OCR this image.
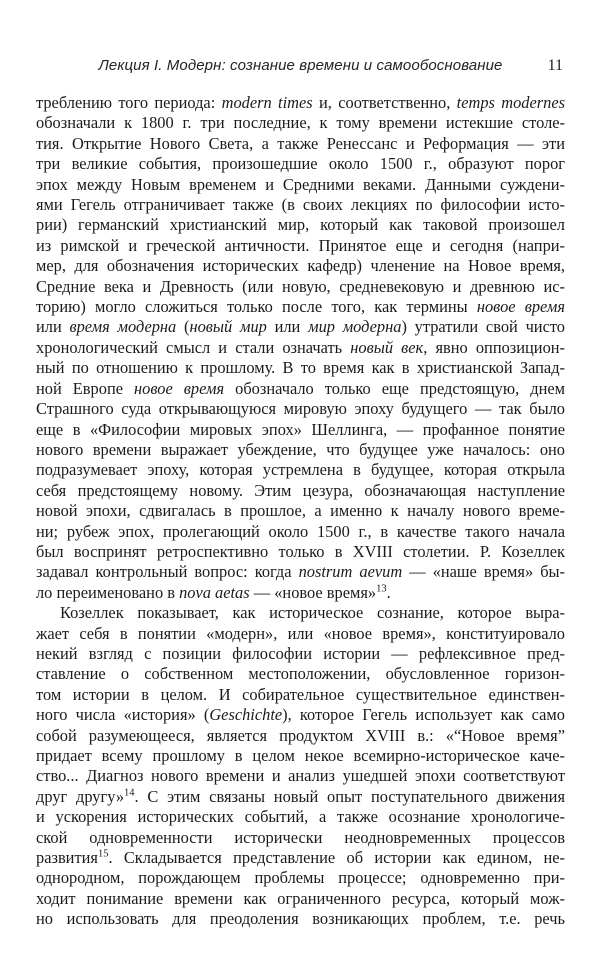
Лекция I. Модерн: сознание времени и самообоснование	11
треблению того периода: modern times и, соответственно, temps modernes
обозначали к 1800 г. три последние, к тому времени истекшие столе-
тия. Открытие Нового Света, а также Ренессанс и Реформация — эти
три великие события, произошедшие около 1500 г., образуют порог
эпох между Новым временем и Средними веками. Данными суждени-
ями Гегель отграничивает также (в своих лекциях по философии исто-
рии) германский христианский мир, который как таковой произошел
из римской и греческой античности. Принятое еще и сегодня (напри-
мер, для обозначения исторических кафедр) членение на Новое время,
Средние века и Древность (или новую, средневековую и древнюю ис-
торию) могло сложиться только после того, как термины новое время
или время модерна (новый мир или мир модерна) утратили свой чисто
хронологический смысл и стали означать новый век, явно оппозицион-
ный по отношению к прошлому. В то время как в христианской Запад-
ной Европе новое время обозначало только еще предстоящую, днем
Страшного суда открывающуюся мировую эпоху будущего — так было
еще в «Философии мировых эпох» Шеллинга, — профанное понятие
нового времени выражает убеждение, что будущее уже началось: оно
подразумевает эпоху, которая устремлена в будущее, которая открыла
себя предстоящему новому. Этим цезура, обозначающая наступление
новой эпохи, сдвигалась в прошлое, а именно к началу нового време-
ни; рубеж эпох, пролегающий около 1500 г., в качестве такого начала
был воспринят ретроспективно только в XVIII столетии. Р. Козеллек
задавал контрольный вопрос: когда nostrum aevum — «наше время» бы-
ло переименовано в nova aetas — «новое время»$^{13}$.
Козеллек показывает, как историческое сознание, которое выра-
жает себя в понятии «модерн», или «новое время», конституировало
некий взгляд с позиции философии истории — рефлексивное пред-
ставление о собственном местоположении, обусловленное горизон-
том истории в целом. И собирательное существительное единствен-
ного числа «история» (Geschichte), которое Гегель использует как само
собой разумеющееся, является продуктом XVIII в.: «“Новое время”
придает всему прошлому в целом некое всемирно-историческое каче-
ство... Диагноз нового времени и анализ ушедшей эпохи соответствуют
друг другу»$^{14}$. С этим связаны новый опыт поступательного движения
и ускорения исторических событий, а также осознание хронологиче-
ской одновременности исторически неодновременных процессов
развития$^{15}$. Складывается представление об истории как едином, не-
однородном, порождающем проблемы процессе; одновременно при-
ходит понимание времени как ограниченного ресурса, который мож-
но использовать для преодоления возникающих проблем, т.е. речь
